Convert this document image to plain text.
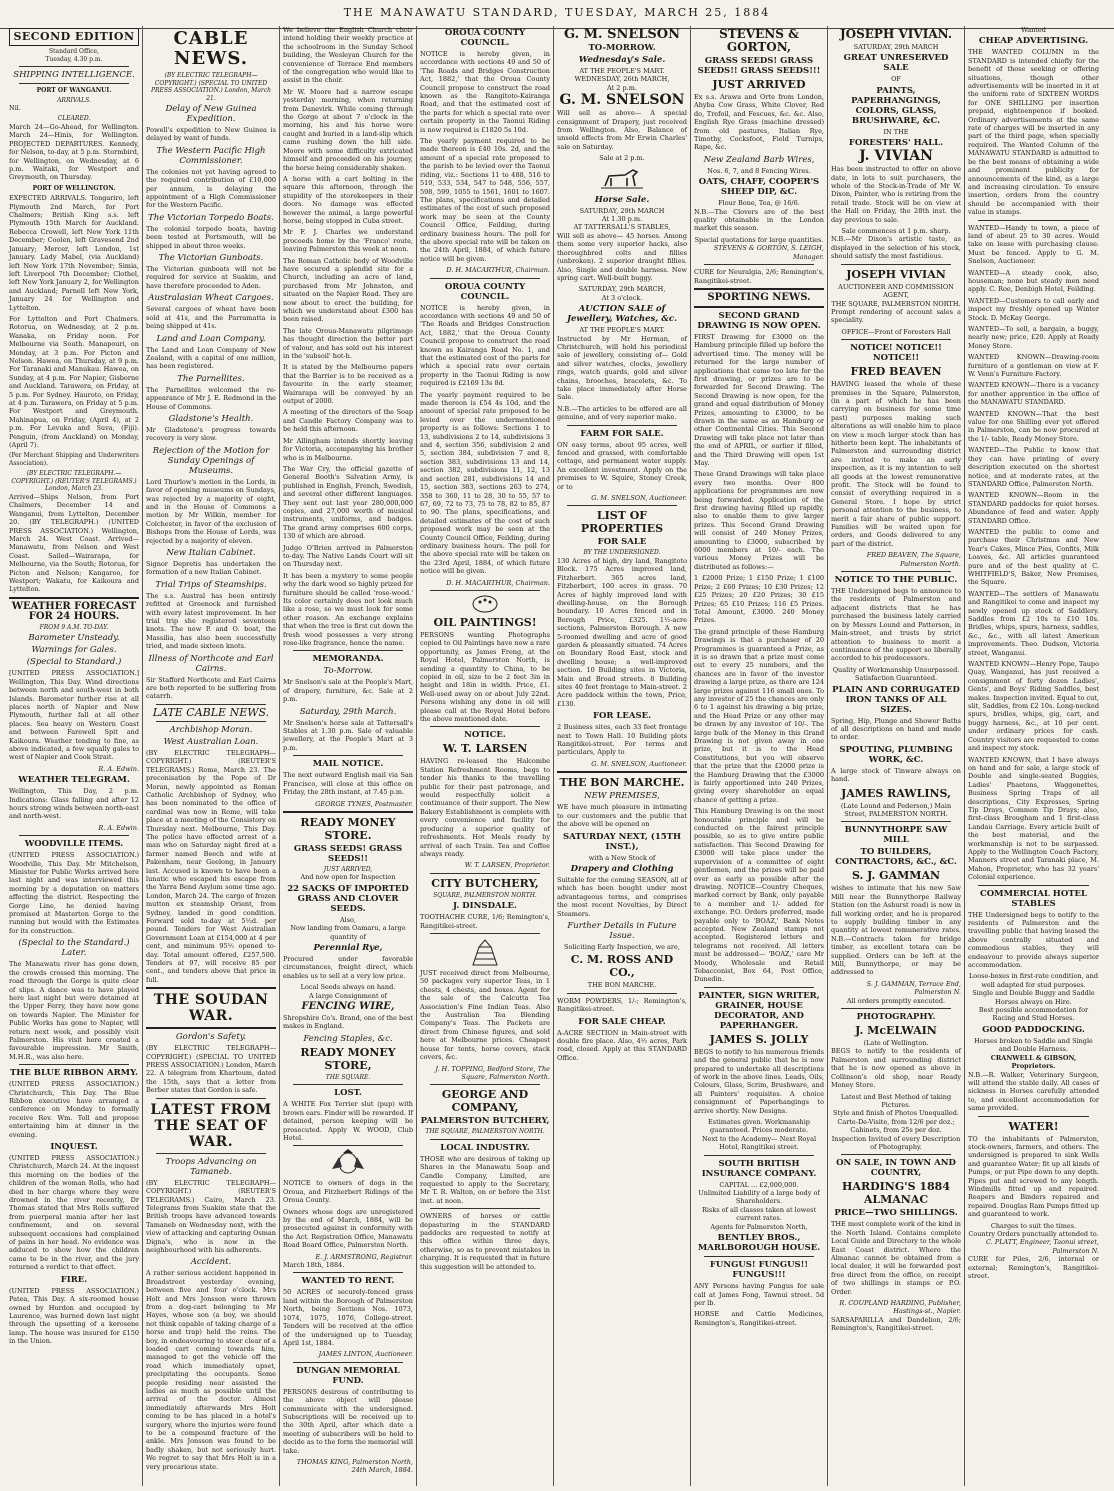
THE MANAWATU STANDARD, TUESDAY, MARCH 25, 1884
SECOND EDITION
Standard Office,
Tuesday, 4.30 p.m.
SHIPPING INTELLIGENCE.
PORT OF WANGANUI.
ARRIVALS.
Nil.
CLEARED.
March 24—Go-Ahead, for Wellington. March 24—Hinis, for Wellington. PROJECTED DEPARTURES. Kennedy, for Nelson, to-day, at 5 p.m. Stormbird, for Wellington, on Wednesday, at 6 p.m. Waitaki, for Westport and Greymouth, on Thursday.
PORT OF WELLINGTON.
EXPECTED ARRIVALS. Tongariro, left Plymouth 2nd March, for Port Chalmers; British King s.s. left Plymouth 15th March for Auckland. Rebecca Crowell, left New York 11th December; Coolen, left Gravesend 2nd January; Mercer, left London, 1st January. Lady Mabel, (via Auckland) left New York 17th November; Simia, left Liverpool 7th December; Clothel, left New York January 2, for Wellington and Auckland; Parnell left New York, January 24 for Wellington and Lyttelton.
For Lyttelton and Port Chalmers. Rotorua, on Wednesday, at 2 p.m. Wanaka, on Friday noon. For Melbourne via South. Manapouri, on Monday, at 3 p.m. For Picton and Nelson. Hawea, on Thursday, at 9 p.m. For Taranaki and Manukau. Hawea, on Sunday, at 4 p.m. For Napier, Gisborne and Auckland. Tarawera, on Friday, at 5 p.m. For Sydney. Hauroto, on Friday, at 4 p.m. Tarawera, on Friday at 5 p.m. For Westport and Greymouth. Mahinapua, on Friday, (April 4), at 2 p.m. For Levuka and Suva, (Fiji). Penguin, (from Auckland) on Monday, (April 7).
(Per Merchant Shipping and Underwriters Association).
(BY ELECTRIC TELEGRAPH.—COPYRIGHT.) (REUTER'S TELEGRAMS.) London, March 23.
Arrived—Ships Nelson, from Port Chalmers, December 14 and Wanganui, from Lyttelton, December 20. (BY TELEGRAPH.) (UNITED PRESS ASSOCIATION.) Wellington, March 24. West Coast. Arrived—Manawatu, from Nelson and West Coast. Sailed—Wairarapa, for Melbourne, via the South; Rotorua, for Picton and Nelson; Kangaroo, for Westport; Wakatu, for Kaikoura and Lyttelton.
WEATHER FORECAST FOR 24 HOURS.
FROM 9 A.M. TO-DAY.
Barometer Unsteady.
Warnings for Gales.
(Special to Standard.)
[UNITED PRESS ASSOCIATION.] Wellington, This Day. Wind directions between north and south-west in both Islands. Barometer further rise at all places north of Napier and New Plymouth, further fall at all other places. Sea heavy on Western Coast and between Farewell Spit and Kaikoura. Weather tending to fine, as above indicated, a few squally gales to west of Napier and Cook Strait.
R. A. Edwin.
WEATHER TELEGRAM.
Wellington, This Day, 2 p.m. Indications: Glass falling and after 12 hours strong winds between north-east and north-west.
R. A. Edwin.
WOODVILLE ITEMS.
(UNITED PRESS ASSOCIATION.) Woodville, This Day. Mr Mitchelson, Minister for Public Works arrived here last night and was interviewed this morning by a deputation on matters affecting the district. Respecting the Gorge Line, he denied having promised at Masterton Gorge to the running but would with the Estimates for its construction.
(Special to the Standard.) Later.
The Manawatu river has gone down, the crowds crossed this morning. The road through the Gorge is quite clear of slips. A dance was to have played here last night but were detained at the Upper Ferry, they have now gone on towards Napier. The Minister for Public Works has gone to Napier, will return next week, and possibly visit Palmerston. His visit here created a favourable impression. Mr Smith, M.H.R., was also here.
THE BLUE RIBBON ARMY.
(UNITED PRESS ASSOCIATION.) Christchurch, This Day. The Blue Ribbon executive have arranged a conference on Monday to formally receive Rev. Wm. Toll and propose entertaining him at dinner in the evening.
INQUEST.
(UNITED PRESS ASSOCIATION.) Christchurch, March 24. At the inquest this morning on the bodies of the children of the woman Rolls, who had died in her charge where they were drowned in the river recently, Dr Thomas stated that Mrs Rolls suffered from puerperal mania after her last confinement, and on several subsequent occasions had complained of pains in her head. No evidence was adduced to show how the children came to be in the river, and the jury returned a verdict to that effect.
FIRE.
(UNITED PRESS ASSOCIATION.) Patea, This Day. A six-roomed house owned by Hurdon and occupied by Laurence, was burned down last night through the upsetting of a kerosene lamp. The house was insured for £150 in the Union.
CABLE NEWS.
(BY ELECTRIC TELEGRAPH—COPYRIGHT.) (SPECIAL TO UNITED PRESS ASSOCIATION.) London, March 21.
Delay of New Guinea Expedition.
Powell's expedition to New Guinea is delayed by want of funds.
The Western Pacific High Commissioner.
The colonies not yet having agreed to the required contribution of £10,000 per annum, is delaying the appointment of a High Commissioner for the Western Pacific.
The Victorian Torpedo Boats.
The colonial torpedo boats, having been tested at Portsmouth, will be shipped in about three weeks.
The Victorian Gunboats.
The Victorian gunboats will not be required for service at Suakim, and have therefore proceeded to Aden.
Australasian Wheat Cargoes.
Several cargoes of wheat have been sold at 41s, and the Parramatta is being shipped at 41s.
Land and Loan Company.
The Land and Loan Company of New Zealand, with a capital of one million, has been registered.
The Parnellites.
The Parnellites welcomed the re-appearance of Mr J. E. Redmond in the House of Commons.
Gladstone's Health.
Mr Gladstone's progress towards recovery is very slow.
Rejection of the Motion for Sunday Openings of Museums.
Lord Thurlow's motion in the Lords, in favor of opening museums on Sundays, was rejected by a majority of eight, and in the House of Commons a motion by Mr Wilkin, member for Colchester, in favor of the exclusion of Bishops from the House of Lords, was rejected by a majority of eleven.
New Italian Cabinet.
Signor Depretis has undertaken the formation of a new Italian Cabinet.
Trial Trips of Steamships.
The s.s. Austral has been entirely refitted at Greenock and furnished with every latest improvement. In her trial trip she registered seventeen knots. The new P. and O. boat, the Massilia, has also been successfully tried, and made sixteen knots.
Illness of Northcote and Earl Cairns.
Sir Stafford Northcote and Earl Cairns are both reported to be suffering from catarrh.
LATE CABLE NEWS.
Archbishop Moran.
West Australian Loan.
(BY ELECTRIC TELEGRAPH—COPYRIGHT.) (REUTER'S TELEGRAMS.) Rome, March 23. The preconisation by the Pope of Dr Moran, newly appointed as Roman Catholic Archbishop of Sydney, who has been nominated to the office of cardinal was now in Rome, will take place at a meeting of the Consistory on Thursday next. Melbourne, This Day. The police have effected arrest of a man who on Saturday night fired at a farmer named Beech and wife at Pakenham, near Geelong, in January last. Accused is known to have been a lunatic who escaped his escape from the Yarra Bend Asylum some time ago. London, March 24. The cargo of frozen mutton ex steamship Orient, from Sydney, landed in good condition. Forward sold to-day at 5½d. per pound. Tenders for West Australian Government Loan at £154,000 at 4 per cent, and minimum 95½ opened to-day. Total amount offered, £257,500. Tenders at 97, will receive 85 per cent., and tenders above that price in full.
THE SOUDAN WAR.
Gordon's Safety.
(BY ELECTRIC TELEGRAPH—COPYRIGHT.) (SPECIAL TO UNITED PRESS ASSOCIATION.) London, March 22. A telegram from Khartoum, dated the 15th, says that a letter from Berber states that Gordon is safe.
LATEST FROM THE SEAT OF WAR.
Troops Advancing on Tamaneb.
(BY ELECTRIC TELEGRAPH—COPYRIGHT.) (REUTER'S TELEGRAMS.) Cairo, March 23. Telegrams from Suakim state that the British troops have advanced towards Tamaneb on Wednesday next, with the view of attacking and capturing Osman Digna's, who is now in the neighbourhood with his adherents.
Accident.
A rather serious accident happened in Broadstreet yesterday evening, between five and four o'clock. Mrs Holt and Mrs Jonsson were thrown from a dog-cart belonging to Mr Hayes, whose son (a boy, we should not think capable of taking charge of a horse and trap) held the reins. The boy, in endeavouring to steer clear of a loaded cart coming towards him, managed to get the vehicle off the road which immediately upset, precipitating the occupants. Some people residing near assisted the ladies as much as possible until the arrival of the doctor. Almost immediately afterwards Mrs Holt coming to be has placed in a hotel's surgery, where the injuries were found to be a compound fracture of the ankle. Mrs Jonsson was found to be badly shaken, but not seriously hurt. We regret to say that Mrs Holt is in a very precarious state.
We believe the English Church choir intend holding their weekly practice at the schoolroom in the Sunday School building, the Wesleyan Church for the convenience of Terrace End members of the congregation who would like to assist in the choir.
Mr W. Moore had a narrow escape yesterday morning, when returning from Danevirk. While coming through the Gorge at about 7 o'clock in the morning, his and his horse were caught and buried in a land-slip which came rushing down the hill side. Moore with some difficulty extricated himself and proceeded on his journey, the horse being considerably shaken.
A horse with a cart bolting in the square this afternoon, through the stupidity of the storekeepers in their doors. No damage was effected however the animal, a large powerful horse, being stopped in Cuba street.
Mr F. J. Charles we understand proceeds home by the 'Franco' route, leaving Palmerston this week at noon.
The Roman Catholic body of Woodville have secured a splendid site for a Church, including an acre of land, purchased from Mr Johnston, and situated on the Napier Road. They are now about to erect the building, for which we understand about £300 has been raised.
The late Oroua-Manawatu pilgrimage has thought direction the better part of valour, and has sold out his interest in the 'subsoil' hot-h.
It is stated by the Melbourne papers that the Barrier is to be received as a favourite in the early steamer, Wairarapa will be conveyed by an output of 2000.
A meeting of the directors of the Soap and Candle Factory Company was to be held this afternoon.
Mr Allingham intends shortly leaving for Victoria, accompanying his brother who is in Melbourne.
The War Cry, the official gazette of General Booth's Salvation Army, is published in English, French, Swedish, and several other different languages. They sent out last year 280,000,000 copies, and 27,000 worth of musical instruments, uniforms, and badges. The grand army comprises 600 corps, 130 of which are abroad.
Judge O'Brien arrived in Palmerston to-day. The Native Lands Court will sit on Thursday next.
It has been a mystery to some people why the dark wood so highly prized for furniture should be called 'rose-wood.' Its color certainly does not look much like a rose, so we must look for some other reason. An exchange explains that when the tree is first cut down the fresh wood possesses a very strong rose-like fragrance, hence the name.
MEMORANDA.
To-Morrow.
Mr Snelson's sale at the People's Mart, of drapery, furniture, &c. Sale at 2 p.m.
Saturday, 29th March.
Mr Snelson's horse sale at Tattersall's Stables at 1.30 p.m. Sale of valuable jewellery, at the People's Mart at 3 p.m.
MAIL NOTICE.
The next outward English mail via San Francisco, will close at this office on Friday, the 28th instant, at 7.45 p.m.
GEORGE TYNES, Postmaster.
READY MONEY STORE.
GRASS SEEDS! GRASS SEEDS!!
JUST ARRIVED,
And now open for Inspection
22 SACKS OF IMPORTED GRASS AND CLOVER SEEDS.
Also,
Now landing from Oamaru, a large quantity of
Perennial Rye,
Procured under favorable circumstances, freight direct, which enables us to sell at a very low price.
Local Seeds always on hand.
A large Consignment of
FENCING WIRE,
Shropshire Co's. Brand, one of the best makes in England.
Fencing Staples, &c.
READY MONEY STORE,
THE SQUARE.
LOST.
A WHITE Fox Terrier slut (pup) with brown ears. Finder will be rewarded. If detained, person keeping will be prosecuted. Apply W. WOOD, Club Hotel.
NOTICE to owners of dogs in the Oroua, and Fitzherbert Ridings of the Oroua County.
Owners whose dogs are unregistered by the end of March, 1884, will be prosecuted against in conformity with the Act. Registration Office, Manawatu Road Board Office, Palmerston North.
E. J. ARMSTRONG, Registrar.
March 18th, 1884.
WANTED TO RENT.
50 ACRES of securely-fenced grass land within the Borough of Palmerston North, being Sections Nos. 1073, 1074, 1075, 1076, College-street. Tenders will be received at the office of the undersigned up to Tuesday, April 1st, 1884.
JAMES LINTON, Auctioneer.
DUNGAN MEMORIAL FUND.
PERSONS desirous of contributing to the above object will please communicate with the undersigned. Subscriptions will be received up to the 30th April, after which date a meeting of subscribers will be held to decide as to the form the memorial will take.
THOMAS KING, Palmerston North, 24th March, 1884.
OROUA COUNTY COUNCIL.
NOTICE is hereby given, in accordance with sections 49 and 50 of 'The Roads and Bridges Construction Act, 1882,' that the Oroua County Council propose to construct the road known as the Rangitoto-Kairanga Road, and that the estimated cost of the parts for which a special rate over certain property in the Taonui Riding is now required is £1820 5s 10d.
The yearly payment required to be made thereon is £40 10s. 2d, and the amount of a special rate proposed to the parish to be levied over the Taonui riding, viz.: Sections 11 to 488, 516 to 519, 533, 534, 547 to 548, 556, 557, 598, 599, 1055 to 1561, 1601 to 1607. The plans, specifications and detailed estimates of the cost of such proposed work may be seen at the County Council Office, Feilding, during ordinary business hours. The poll for the above special rate will be taken on the 24th April, 1884, of which future notice will be given.
D. H. MACARTHUR, Chairman.
OROUA COUNTY COUNCIL.
NOTICE is hereby given, in accordance with sections 49 and 50 of 'The Roads and Bridges Construction Act, 1882,' that the Oroua County Council propose to construct the road known as Kairanga Road No. 1, and that the estimated cost of the parts for which a special rate over certain property in the Taonui Riding is now required is £2169 13s 8d.
The yearly payment required to be made thereon is £54 4s 10d, and the amount of special rate proposed to be levied over the undermentioned property is as follows: Sections 1 to 13, subdivisions 2 to 14, subdivisions 3 and 4, section 356, subdivision 2 and 5, section 384, subdivision 7 and 8, section 383, subdivisions 13 and 14, section 382, subdivisions 11, 12, 13 and section 281, subdivisions 14 and 15, section 383, sections 263 to 274, 358 to 360, 11 to 28, 30 to 55, 57 to 67, 69, 72 to 73, 75 to 78, 82 to 85, 87 to 90. The plans, specifications, and detailed estimates of the cost of such proposed work may be seen at the County Council Office, Feilding, during ordinary business hours. The poll for the above special rate will be taken on the 23rd April, 1884, of which future notice will be given.
D. H. MACARTHUR, Chairman.
OIL PAINTINGS!
PERSONS wanting Photographs copied to Oil Paintings have now a rare opportunity, as James Freng, at the Royal Hotel, Palmerston North, is sending a quantity to China, to be copied in oil, size to be 2 feet 3in in height and 18in in width. Price, £1. Well-used away on or about July 22nd. Persons wishing any done in oil will please call at the Royal Hotel before the above mentioned date.
NOTICE.
W. T. LARSEN
HAVING re-leased the Halcombe Station Refreshment Rooms, begs to tender his thanks to the travelling public for their past patronage, and would respectfully solicit a continuance of their support. The New Bakery Establishment is complete with every convenience and facility for producing a superior quality of refreshments. Hot Meals ready by arrival of each Train. Tea and Coffee always ready.
W. T. LARSEN, Proprietor.
CITY BUTCHERY,
SQUARE, PALMERSTON NORTH.
J. DINSDALE.
TOOTHACHE CURE, 1/6; Remington's, Rangitikei-street.
JUST received direct from Melbourne, 50 packages very superior Teas, in 1 chests, 4 chests, and boxes. Agent for the sale of the Calcutta Tea Association's Fine Indian Teas. Also the Australian Tea Blending Company's Teas. The Packets are direct from Chinese figures, and sold here at Melbourne prices. Cheapest house for tents, horse covers, stack covers, &c.
J. H. TOPPING, Bedford Store, The Square, Palmerston North.
GEORGE AND COMPANY,
PALMERSTON BUTCHERY,
THE SQUARE, PALMERSTON NORTH.
LOCAL INDUSTRY.
THOSE who are desirous of taking up Shares in the Manawatu Soap and Candle Company, Limited, are requested to apply to the Secretary, Mr T. R. Walton, on or before the 31st inst. at noon.
OWNERS of horses or cattle depasturing in the STANDARD paddocks are requested to notify at this office within three days, otherwise, so as to prevent mistakes in charging. It is requested that in future this suggestion will be attended to.
G. M. SNELSON
TO-MORROW.
Wednesday's Sale.
AT THE PEOPLE'S MART.
WEDNESDAY, 26th MARCH,
At 2 p.m.
G. M. SNELSON
Will sell as above— A special consignment of Drapery, just received from Wellington. Also, Balance of unsold effects from Mr Erwin Charles' sale on Saturday.
Sale at 2 p.m.
Horse Sale.
SATURDAY, 29th MARCH
At 1.30 p.m.
AT TATTERSALL'S STABLES,
Will sell as above— 45 horses. Among them some very superior hacks, also thoroughbred colts and fillies (unbroken). 2 superior draught fillies. Also, Single and double harness. New spring cart. Well-built buggy.
SATURDAY, 29th MARCH,
At 3 o'clock.
AUCTION SALE of Jewellery, Watches, &c.
AT THE PEOPLE'S MART.
Instructed by Mr Herman, of Christchurch, will hold his periodical sale of jewellery, consisting of— Gold and silver watches, clocks, jewellery rings, watch guards, gold and silver chains, brooches, bracelets, &c. To take place immediately after Horse Sale.
N.B.—The articles to be offered are all genuine, and of very superior make.
FARM FOR SALE.
ON easy terms, about 95 acres, well fenced and grassed, with comfortable cottage, and permanent water supply. An excellent investment. Apply on the premises to W. Squire, Stoney Creek, or to
G. M. SNELSON, Auctioneer.
LIST OF PROPERTIES
FOR SALE
BY THE UNDERSIGNED.
130 Acres of high, dry land, Rangitoto Block. 175 Acres improved land, Fitzherbert. 365 acres land, Fitzherbert, 100 acres in grass. 70 Acres of highly improved land with dwelling-house, on the Borough boundary. 10 Acres fenced and in Borough Price, £325. 1½-acre sections, Palmerston Borough. A new 5-roomed dwelling and acre of good garden & pleasantly situated. 74 Acres on Boundary Road East, stock and dwelling house; a well-improved section. 10 Building sites in Victoria, Main and Broad streets. 8 Building sites 40 feet frontage to Main-street. 2 Acre paddock within the town, Price, £130.
FOR LEASE.
2 Business sites, each 33 feet frontage next to Town Hall. 10 Building plots Rangitikei-street. For terms and particulars, Apply to
G. M. SNELSON, Auctioneer.
THE BON MARCHE.
NEW PREMISES,
WE have much pleasure in intimating to our customers and the public that the above will be opened on
SATURDAY NEXT, (15TH INST.),
with a New Stock of
Drapery and Clothing
Suitable for the coming SEASON, all of which has been bought under most advantageous terms, and comprises the most recent Novelties, by Direct Steamers.
Further Details in Future Issue.
Soliciting Early Inspection, we are,
C. M. ROSS AND CO.,
THE BON MARCHE.
WORM POWDERS, 1/-; Remington's, Rangitikei-street.
FOR SALE CHEAP.
A-ACRE SECTION in Main-street with double fire place. Also, 4½ acres, Park road, closed. Apply at this STANDARD Office.
STEVENS & GORTON,
GRASS SEEDS! GRASS SEEDS!! GRASS SEEDS!!!
JUST ARRIVED
Ex s.s. Arawa and Orte from London, Ahyba Cow Grass, White Clover, Red do, Trefoil, and Fescues, &c. &c. Also, English Rye Grass (machine dressed) from old pastures, Italian Rye, Timothy, Cocksfoot, Field Turnips, Rape, &c.
New Zealand Barb Wires,
Nos. 6, 7, and 8 Fencing Wires.
OATS, CHAFF, COOPER'S SHEEP DIP, &C.
Flour Bone, Tea, @ 16/6.
N.B.—The Clovers are of the best quality obtainable in the London market this season.
Special quotations for large quantities.
STEVENS & GORTON, S. LEIGH, Manager.
CURE for Neuralgia, 2/6; Remington's, Rangitikei-street.
SPORTING NEWS.
SECOND GRAND DRAWING IS NOW OPEN.
FIRST Drawing for £3000 on the Hamburg principle filled up before the advertised time. The money will be returned for the large number of applications that came too late for the first drawing, or prizes are to be forwarded for Second Drawing. The Second Drawing is now open, for the grand and equal distribution of Money Prizes, amounting to £3000, to be drawn in the same as an Hamburg or other Continental Cities. This Second Drawing will take place not later than the end of APRIL, or earlier if filled, and the Third Drawing will open 1st May.
These Grand Drawings will take place every two months. Over 800 applications for programmes are now being forwarded. Application of the first drawing having filled up rapidly, also to enable them to give larger prizes. This Second Grand Drawing will consist of 240 Money Prizes, amounting to £3000, subscribed by 6000 members at 10/- each. The various Money Prizes will be distributed as follows:—
1 £2000 Prize; 1 £150 Prize; 1 £100 Prize; 2 £60 Prizes; 10 £30 Prizes; 12 £25 Prizes; 20 £20 Prizes; 30 £15 Prizes; 65 £10 Prizes; 116 £5 Prizes. Total Amount, £3000. 240 Money Prizes.
The grand principle of these Hamburg Drawings is that a purchaser of 20 Programmes is guaranteed a Prize, as it is so drawn that a prize must come out to every 25 numbers, and the chances are in favor of the investor drawing a large prize, as there are 124 large prizes against 116 small ones. To any investor of 25 the chances are only 6 to 1 against his drawing a big prize, and the Head Prize or any other may be drawn by any investor of 10/-. The large bulk of the Money in this Grand Drawing is not given away in one prize, but it is to the Head Constitutions, but you will observe that the prize that the £2000 prize is the Hamburg Drawing that the £3000 is fairly apportioned into 240 Prizes, giving every shareholder an equal chance of getting a prize.
This Hamburg Drawing is on the most honourable principle and will be conducted on the fairest principle possible, so as to give entire public satisfaction. This Second Drawing for £3000 will take place under the supervision of a committee of eight gentlemen, and the prizes will be paid over as early as possible after the drawing. NOTICE—Country Cheques, marked correct by Bank, only payable to a member and 1/- added for exchange. P.O. Orders preferred, made payable only to 'BOAZ,' Bank Notes accepted. New Zealand stamps not accepted. Registered letters and telegrams not received. All letters must be addressed— 'BOAZ,' care Mr Moody, Wholesale and Retail Tobacconist, Box 64, Post Office, Dunedin.
PAINTER, SIGN WRITER, GRAINER, HOUSE DECORATOR, AND PAPERHANGER.
JAMES S. JOLLY
BEGS to notify to his numerous friends and the general public that he is now prepared to undertake all descriptions of work in the above lines. Leads, Oils, Colours, Glass, Scrim, Brushware, and all Painters' requisites. A choice consignment of Paperhangings to arrive shortly. New Designs.
Estimates given. Workmanship guaranteed. Prices moderate.
Next to the Academy— Next Royal Hotel, Rangitikei street.
SOUTH BRITISH INSURANCE COMPANY.
CAPITAL ... £2,000,000.
Unlimited Liability of a large body of Shareholders.
Risks of all classes taken at lowest current rates.
Agents for Palmerston North,
BENTLEY BROS., MARLBOROUGH HOUSE.
FUNGUS! FUNGUS!! FUNGUS!!!
ANY Persons having Fungus for sale call at James Fong, Tawnui street. 5d per lb.
HORSE and Cattle Medicines, Remington's, Rangitikei-street.
JOSEPH VIVIAN.
SATURDAY, 29th MARCH
GREAT UNRESERVED SALE
OF
PAINTS, PAPERHANGINGS, COLORS, GLASS, BRUSHWARE, &C.
IN THE
FORESTERS' HALL.
J. VIVIAN
Has been instructed to offer on above date, in lots to suit purchasers, the whole of the Stock-in-Trade of Mr W. Dixon, Painter, who is retiring from the retail trade. Stock will be on view at the Hall on Friday, the 28th inst. the day previous to sale.
Sale commences at 1 p.m. sharp.
N.B.—Mr Dixon's artistic taste, as displayed in the selection of his stock, should satisfy the most fastidious.
JOSEPH VIVIAN
AUCTIONEER AND COMMISSION AGENT,
THE SQUARE, PALMERSTON NORTH.
Prompt rendering of account sales a speciality.
OFFICE—Front of Foresters Hall
NOTICE! NOTICE!! NOTICE!!
FRED BEAVEN
HAVING leased the whole of these premises in the Square, Palmerston, (in a part of which he has been carrying on business for some time past) purposes making such alterations as will enable him to place on view a much larger stock than has hitherto been kept. The inhabitants of Palmerston and surrounding district are invited to make an early inspection, as it is my intention to sell all goods at the lowest remunerative profit. The Stock will be found to consist of everything required in a General Store. I hope by strict personal attention to the business, to merit a fair share of public support. Families will be waited upon for orders, and Goods delivered to any part of the district.
FRED BEAVEN, The Square, Palmerston North.
NOTICE TO THE PUBLIC.
THE Undersigned begs to announce to the residents of Palmerston and adjacent districts that he has purchased the business lately carried on by Messrs Lound and Patterson, in Main-street, and trusts by strict attention to business to merit a continuance of the support so liberally accorded to his predecessors.
Quality of Workmanship Unsurpassed.
Satisfaction Guaranteed.
PLAIN AND CORRUGATED IRON TANKS OF ALL SIZES.
Spring, Hip, Plunge and Shower Baths of all descriptions on hand and made to order.
SPOUTING, PLUMBING WORK, &C.
A large stock of Tinware always on hand.
JAMES RAWLINS,
(Late Lound and Pederson,) Main Street, PALMERSTON NORTH.
BUNNYTHORPE SAW MILL
TO BUILDERS, CONTRACTORS, &C., &C.
S. J. GAMMAN
wishes to intimate that his new Saw Mill near the Bunnythorpe Railway Station (on the Ashurst road) is now in full working order, and he is prepared to supply building timber in any quantity at lowest remunerative rates. N.B.—Contracts taken for bridge timber, as excellent totara can be supplied. Orders can be left at the Mill, Bunnythorpe, or may be addressed to
S. J. GAMMAN, Terrace End, Palmerston N.
All orders promptly executed.
PHOTOGRAPHY.
J. McELWAIN
(Late of Wellington.
BEGS to notify to the residents of Palmerston and surrounding district that he is now opened as above in Collinson's old shop, near Ready Money Store.
Latest and Best Method of taking Pictures.
Style and finish of Photos Unequalled.
Carte-De-Visite, from 12/6 per doz.; Cabinets, from 25s per doz.
Inspection Invited of every Description of Photography.
ON SALE, IN TOWN AND COUNTRY,
HARDING'S 1884 ALMANAC
PRICE—TWO SHILLINGS.
THE most complete work of the kind in the North Island. Contains complete Local Guide and Directory to the whole East Coast district. Where the Almanac cannot be obtained from a local dealer, it will be forwarded post free direct from the office, on receipt of two shillings in stamps or P.O. Order.
R. COUPLAND HARDING, Publisher, Hastings-st., Napier.
SARSAPARILLA and Dandelion, 2/6; Remington's, Rangitikei-street.
Wanted
CHEAP ADVERTISING.
THE WANTED COLUMN in the STANDARD is intended chiefly for the benefit of those seeking or offering situations, though other advertisements will be inserted in it at the uniform rate of SIXTEEN WORDS for ONE SHILLING per insertion prepaid, eighteenpence if booked. Ordinary advertisements at the same rate of charges will be inserted in any part of the third page, when specially required. The Wanted Column of the MANAWATU STANDARD is admitted to be the best means of obtaining a wide and prominent publicity for announcements of the kind, as a large and increasing circulation. To ensure insertion, orders from the country should be accompanied with their value in stamps.
WANTED—Handy to town, a piece of land of about 25 to 30 acres. Would take on lease with purchasing clause. Must be fenced. Apply to G. M. Snelson, Auctioneer.
WANTED—A steady cook, also, houseman; none but steady men need apply. C. Roe, Denbigh Hotel, Feilding.
WANTED—Customers to call early and inspect my freshly opened up Winter Stock. D. McKay George.
WANTED—To sell, a bargain, a buggy, nearly new; price, £20. Apply at Ready Money Store.
WANTED KNOWN—Drawing-room furniture of a gentleman on view at F. W. Venn's Furniture Factory.
WANTED KNOWN—There is a vacancy for another apprentice in the office of the MANAWATU STANDARD.
WANTED KNOWN—That the best value for one Shilling ever yet offered in Palmerston, can be now procured at the 1/- table, Ready Money Store.
WANTED—The Public to know that they can have printing of every description executed on the shortest notice, and at moderate rates, at the STANDARD Office, Palmerston North.
WANTED KNOWN—Room in the STANDARD paddocks for quiet horses. Abundance of feed and water. Apply STANDARD Office.
WANTED the public to come and purchase their Christmas and New Year's Cakes, Mince Pies, Confits, Milk Loaves, &c. All articles guaranteed pure and of the best quality at C. WHITFIELD'S, Baker, New Premises, the Square.
WANTED—The settlers of Manawatu and Rangitikei to come and inspect my newly opened up stock of Saddlery. Saddles from £2 10s to £10 10s. Bridles, whips, spurs, harness, saddles, &c., &c., with all latest American improvements. Theo. Dudson, Victoria street, Wanganui.
WANTED KNOWN—Henry Pope, Taupo Quay, Wanganui, has just received a consignment of forty dozen Ladies', Gents', and Boys' Riding Saddles, best makes. Inspection invited. Equal to cut, slit, Saddles, from £2 10s. Long-necked spurs, bridles, whips, gig, cart, and buggy harness, &c., at 10 per cent. under ordinary prices for cash. Country visitors are requested to come and inspect my stock.
WANTED KNOWN, that I have always on hand and for sale, a large stock of Double and single-seated Buggies, Ladies' Phaetons, Waggonettes, Business Spring Traps of all descriptions, City Expresses, Spring Tip Drays, Common Tip Drays; also, first-class Brougham and 1 first-class Landau Carriage. Every article built of the best material, and the workmanship is not to be surpassed. Apply to the Wellington Coach Factory, Manners street and Taranaki place, M. Mahon, Proprietor, who has 32 years' Colonial experience.
COMMERCIAL HOTEL STABLES
THE Undersigned begs to notify to the residents of Palmerston and the travelling public that having leased the above centrally situated and commodious stables, they will endeavour to provide always superior accommodation.
Loose-boxes in first-rate condition, and well adapted for stud purposes.
Single and Double Buggy and Saddle Horses always on Hire.
Best possible accommodation for Racing and Stud Horses.
GOOD PADDOCKING.
Horses broken to Saddle and Single and Double Harness.
CRANWELL & GIBSON, Proprietors.
N.B.—R. Walker, Veterinary Surgeon, will attend the stable daily. All cases of sickness in Horses carefully attended to, and excellent accommodation for same provided.
WATER!
TO the inhabitants of Palmerston, stock-owners, farmers, and others. The undersigned is prepared to sink Wells and guarantee Water; fit up all kinds of Pumps, or put Pipe down to any depth. Pipes put and screwed to any length. Windmills fitted up and repaired. Reapers and Binders repaired and repaired. Douglas Ram Pumps fitted up and guaranteed to work.
Charges to suit the times.
Country Orders punctually attended to.
C. PLATT, Engineer, Taonui street, Palmerston N.
CURE for Piles, 2/6, internal or external; Remington's, Rangitikei-street.
